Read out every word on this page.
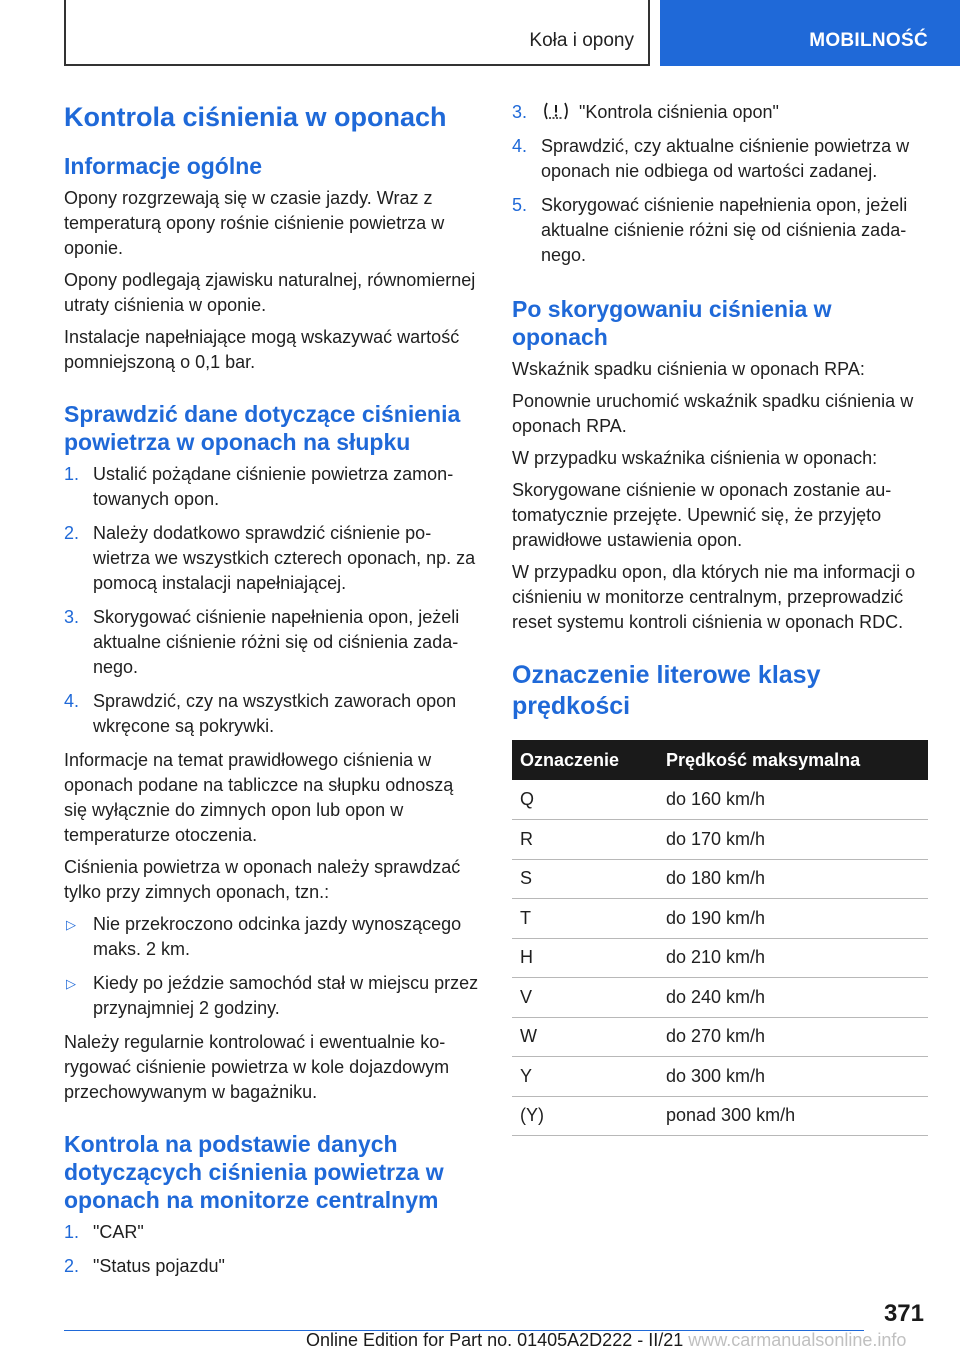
Koła i opony	MOBILNOŚĆ
Kontrola ciśnienia w oponach
Informacje ogólne

Opony rozgrzewają się w czasie jazdy. Wraz z temperaturą opony rośnie ciśnienie powietrza w oponie.

Opony podlegają zjawisku naturalnej, równomiernej utraty ciśnienia w oponie.

Instalacje napełniające mogą wskazywać wartość pomniejszoną o 0,1 bar.

Sprawdzić dane dotyczące ciśnienia powietrza w oponach na słupku
1. Ustalić pożądane ciśnienie powietrza zamontowanych opon.
2. Należy dodatkowo sprawdzić ciśnienie powietrza we wszystkich czterech oponach, np. za pomocą instalacji napełniającej.
3. Skorygować ciśnienie napełnienia opon, jeżeli aktualne ciśnienie różni się od ciśnienia zadanego.
4. Sprawdzić, czy na wszystkich zaworach opon wkręcone są pokrywki.

Informacje na temat prawidłowego ciśnienia w oponach podane na tabliczce na słupku odnoszą się wyłącznie do zimnych opon lub opon w temperaturze otoczenia.

Ciśnienia powietrza w oponach należy sprawdzać tylko przy zimnych oponach, tzn.:

▷ Nie przekroczono odcinka jazdy wynoszącego maks. 2 km.
▷ Kiedy po jeździe samochód stał w miejscu przez przynajmniej 2 godziny.

Należy regularnie kontrolować i ewentualnie korygować ciśnienie powietrza w kole dojazdowym przechowywanym w bagażniku.

Kontrola na podstawie danych dotyczących ciśnienia powietrza w oponach na monitorze centralnym
1. "CAR"
2. "Status pojazdu"
3.	"Kontrola ciśnienia opon"
4. Sprawdzić, czy aktualne ciśnienie powietrza w oponach nie odbiega od wartości zadanej.
5. Skorygować ciśnienie napełnienia opon, jeżeli aktualne ciśnienie różni się od ciśnienia zadanego.
Po skorygowaniu ciśnienia w oponach

Wskaźnik spadku ciśnienia w oponach RPA:

Ponownie uruchomić wskaźnik spadku ciśnienia w oponach RPA.

W przypadku wskaźnika ciśnienia w oponach:

Skorygowane ciśnienie w oponach zostanie automatycznie przejęte. Upewnić się, że przyjęto prawidłowe ustawienia opon.

W przypadku opon, dla których nie ma informacji o ciśnieniu w monitorze centralnym, przeprowadzić reset systemu kontroli ciśnienia w oponach RDC.

Oznaczenie literowe klasy prędkości
Oznaczenie	Prędkość maksymalna
Q	do 160 km/h
R	do 170 km/h
S	do 180 km/h
T	do 190 km/h
H	do 210 km/h
V	do 240 km/h
W	do 270 km/h
Y	do 300 km/h
(Y)	ponad 300 km/h
371
Online Edition for Part no. 01405A2D222 - II/21 www.carmanualsonline.info
